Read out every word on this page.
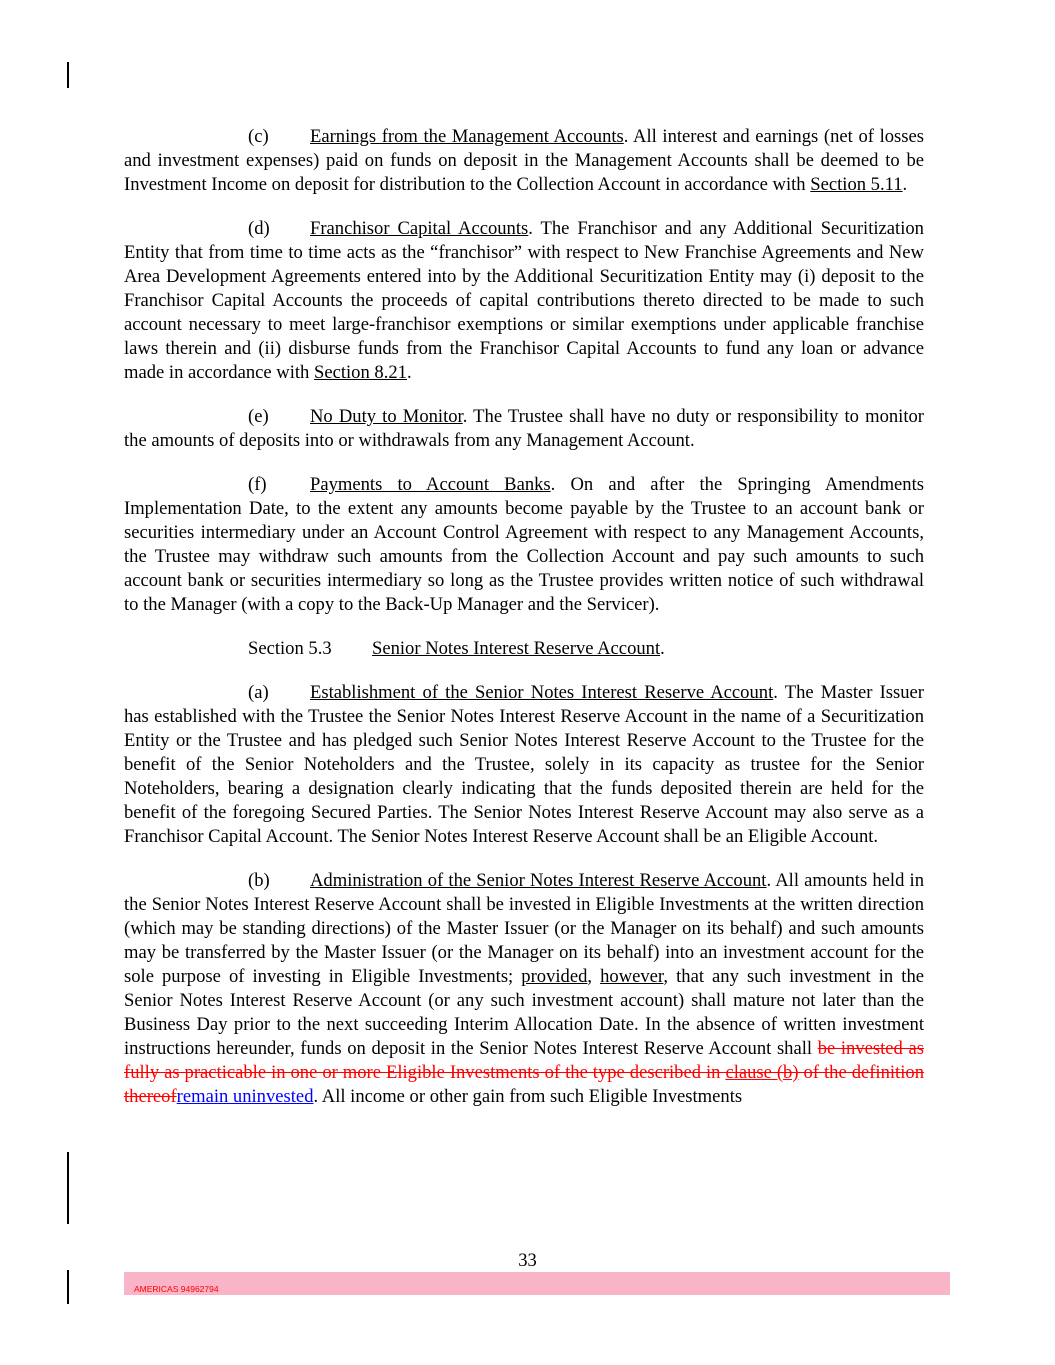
(c) Earnings from the Management Accounts. All interest and earnings (net of losses and investment expenses) paid on funds on deposit in the Management Accounts shall be deemed to be Investment Income on deposit for distribution to the Collection Account in accordance with Section 5.11.

(d) Franchisor Capital Accounts. The Franchisor and any Additional Securitization Entity that from time to time acts as the “franchisor” with respect to New Franchise Agreements and New Area Development Agreements entered into by the Additional Securitization Entity may (i) deposit to the Franchisor Capital Accounts the proceeds of capital contributions thereto directed to be made to such account necessary to meet large-franchisor exemptions or similar exemptions under applicable franchise laws therein and (ii) disburse funds from the Franchisor Capital Accounts to fund any loan or advance made in accordance with Section 8.21.

(e) No Duty to Monitor. The Trustee shall have no duty or responsibility to monitor the amounts of deposits into or withdrawals from any Management Account.

(f) Payments to Account Banks. On and after the Springing Amendments Implementation Date, to the extent any amounts become payable by the Trustee to an account bank or securities intermediary under an Account Control Agreement with respect to any Management Accounts, the Trustee may withdraw such amounts from the Collection Account and pay such amounts to such account bank or securities intermediary so long as the Trustee provides written notice of such withdrawal to the Manager (with a copy to the Back-Up Manager and the Servicer).

Section 5.3 Senior Notes Interest Reserve Account.

(a) Establishment of the Senior Notes Interest Reserve Account. The Master Issuer has established with the Trustee the Senior Notes Interest Reserve Account in the name of a Securitization Entity or the Trustee and has pledged such Senior Notes Interest Reserve Account to the Trustee for the benefit of the Senior Noteholders and the Trustee, solely in its capacity as trustee for the Senior Noteholders, bearing a designation clearly indicating that the funds deposited therein are held for the benefit of the foregoing Secured Parties. The Senior Notes Interest Reserve Account may also serve as a Franchisor Capital Account. The Senior Notes Interest Reserve Account shall be an Eligible Account.

(b) Administration of the Senior Notes Interest Reserve Account. All amounts held in the Senior Notes Interest Reserve Account shall be invested in Eligible Investments at the written direction (which may be standing directions) of the Master Issuer (or the Manager on its behalf) and such amounts may be transferred by the Master Issuer (or the Manager on its behalf) into an investment account for the sole purpose of investing in Eligible Investments; provided, however, that any such investment in the Senior Notes Interest Reserve Account (or any such investment account) shall mature not later than the Business Day prior to the next succeeding Interim Allocation Date. In the absence of written investment instructions hereunder, funds on deposit in the Senior Notes Interest Reserve Account shall be invested as fully as practicable in one or more Eligible Investments of the type described in clause (b) of the definition thereofremain uninvested. All income or other gain from such Eligible Investments

33
AMERICAS 94962794
